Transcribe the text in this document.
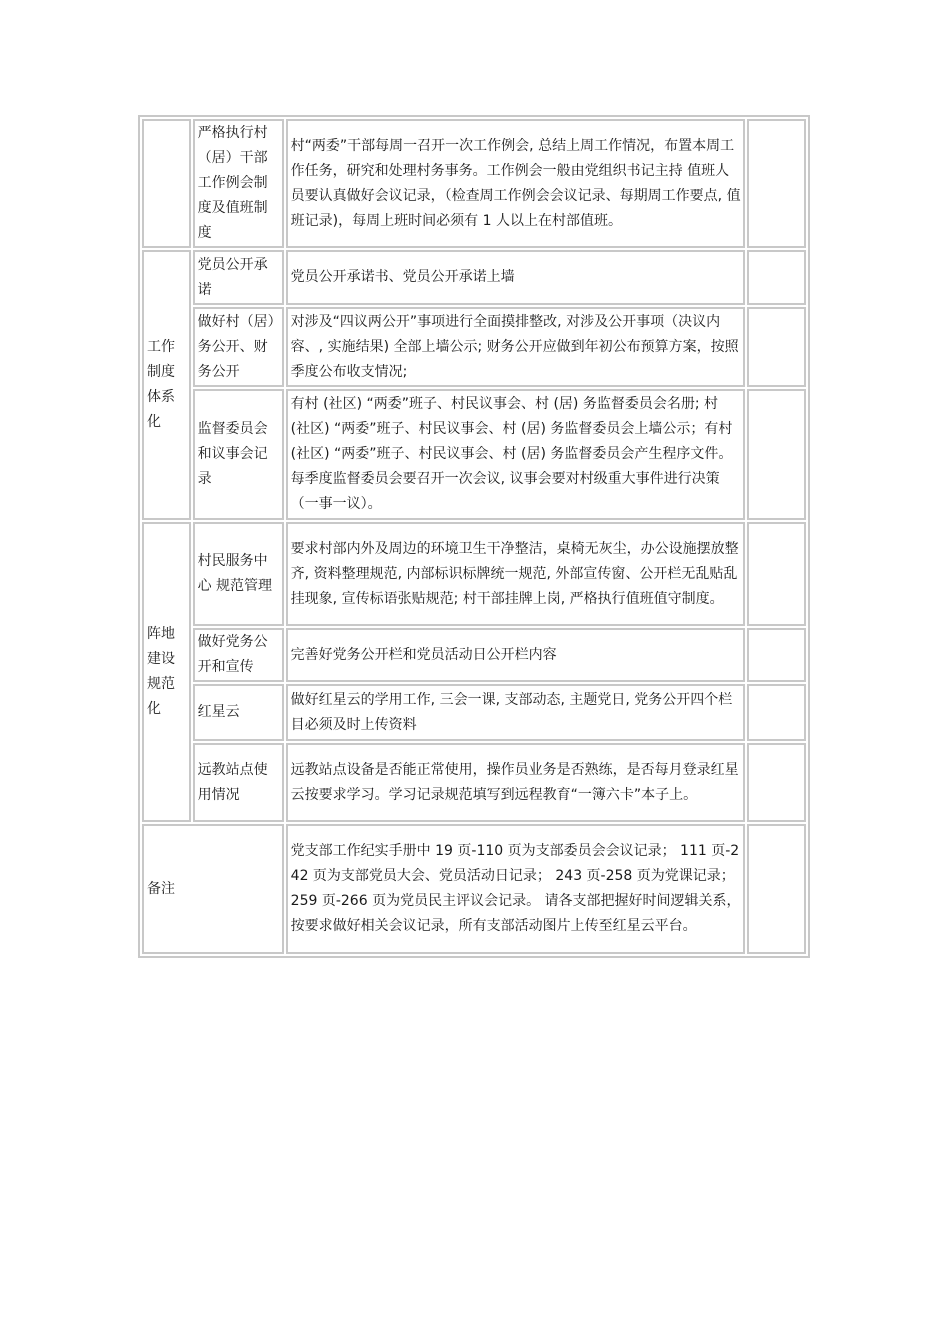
	严格执行村（居）干部工作例会制度及值班制度	村“两委”干部每周一召开一次工作例会, 总结上周工作情况，布置本周工作任务，研究和处理村务事务。工作例会一般由党组织书记主持 值班人员要认真做好会议记录，（检查周工作例会会议记录、每期周工作要点, 值班记录)，每周上班时间必须有 1 人以上在村部值班。	
工作制度体系化	党员公开承诺	党员公开承诺书、党员公开承诺上墙	
	做好村（居）务公开、财务公开	对涉及“四议两公开”事项进行全面摸排整改, 对涉及公开事项（决议内容、, 实施结果) 全部上墙公示; 财务公开应做到年初公布预算方案，按照季度公布收支情况;	
	监督委员会和议事会记录	有村 (社区) “两委”班子、村民议事会、村 (居) 务监督委员会名册; 村 (社区) “两委”班子、村民议事会、村 (居) 务监督委员会上墙公示；有村 (社区) “两委”班子、村民议事会、村 (居) 务监督委员会产生程序文件。每季度监督委员会要召开一次会议, 议事会要对村级重大事件进行决策（一事一议）。	
阵地建设规范化	村民服务中心 规范管理	要求村部内外及周边的环境卫生干净整洁，桌椅无灰尘，办公设施摆放整齐, 资料整理规范, 内部标识标牌统一规范, 外部宣传窗、公开栏无乱贴乱挂现象, 宣传标语张贴规范; 村干部挂牌上岗, 严格执行值班值守制度。	
	做好党务公开和宣传	完善好党务公开栏和党员活动日公开栏内容	
	红星云	做好红星云的学用工作, 三会一课, 支部动态, 主题党日, 党务公开四个栏目必须及时上传资料	
	远教站点使用情况	远教站点设备是否能正常使用，操作员业务是否熟练，是否每月登录红星云按要求学习。学习记录规范填写到远程教育“一簿六卡”本子上。	
备注		党支部工作纪实手册中 19 页-110 页为支部委员会会议记录； 111 页-242 页为支部党员大会、党员活动日记录； 243 页-258 页为党课记录； 259 页-266 页为党员民主评议会记录。 请各支部把握好时间逻辑关系，按要求做好相关会议记录，所有支部活动图片上传至红星云平台。	
